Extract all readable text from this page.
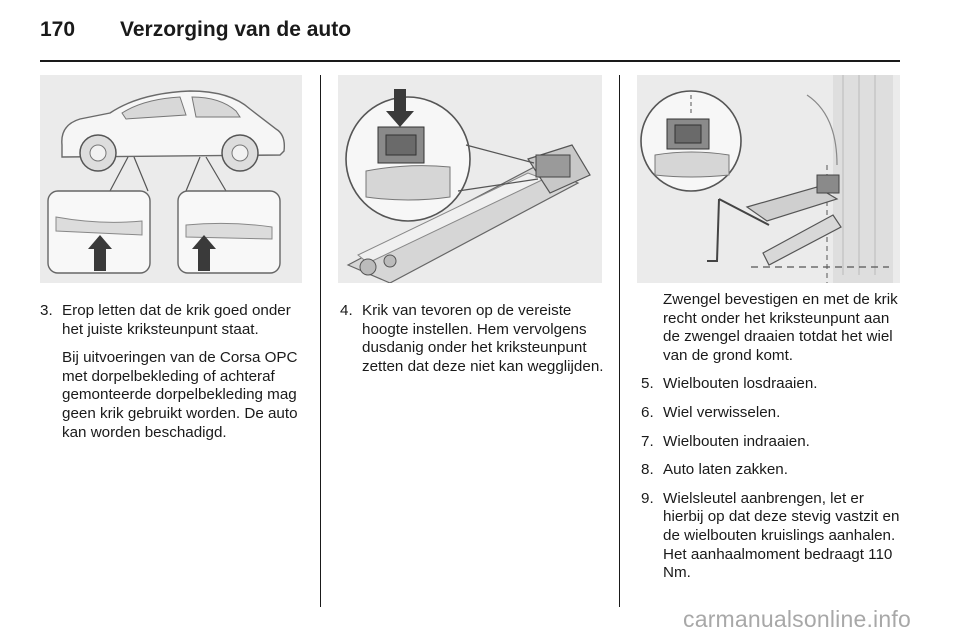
170 Verzorging van de auto
3. Erop letten dat de krik goed onder het juiste kriksteunpunt staat.
Bij uitvoeringen van de Corsa OPC met dorpelbekleding of achteraf gemonteerde dorpelbekleding mag geen krik gebruikt worden. De auto kan worden beschadigd.
4. Krik van tevoren op de vereiste hoogte instellen. Hem vervolgens dusdanig onder het kriksteunpunt zetten dat deze niet kan wegglijden.
Zwengel bevestigen en met de krik recht onder het kriksteunpunt aan de zwengel draaien totdat het wiel van de grond komt.
5. Wielbouten losdraaien.
6. Wiel verwisselen.
7. Wielbouten indraaien.
8. Auto laten zakken.
9. Wielsleutel aanbrengen, let er hierbij op dat deze stevig vastzit en de wielbouten kruislings aanhalen. Het aanhaalmoment bedraagt 110 Nm.
carmanualsonline.info
